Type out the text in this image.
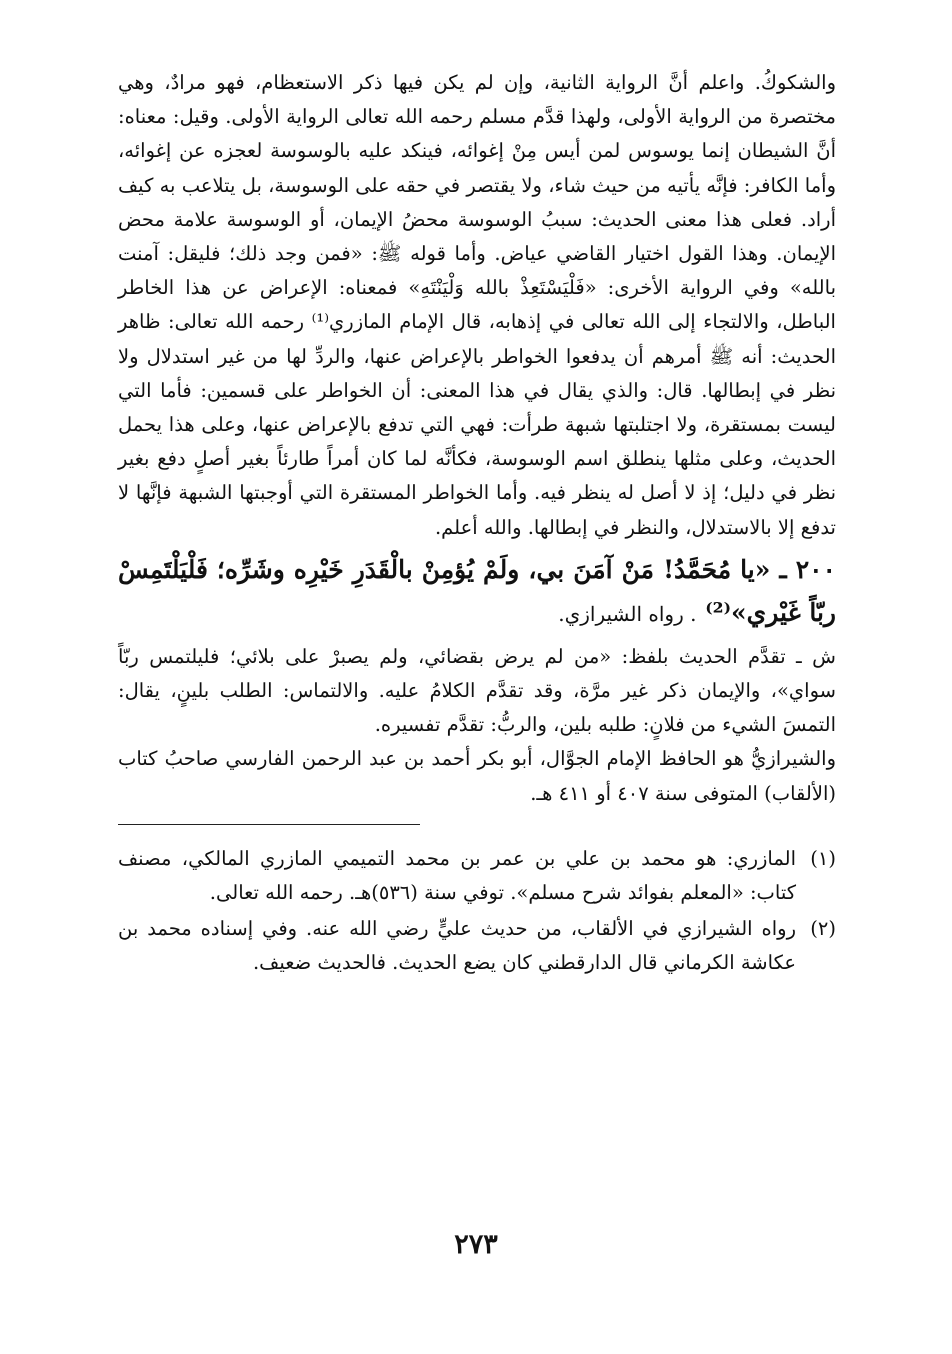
والشكوكُ. واعلم أنَّ الرواية الثانية، وإن لم يكن فيها ذكر الاستعظام، فهو مرادٌ، وهي مختصرة من الرواية الأولى، ولهذا قدَّم مسلم رحمه الله تعالى الرواية الأولى. وقيل: معناه: أنَّ الشيطان إنما يوسوس لمن أيس مِنْ إغوائه، فينكد عليه بالوسوسة لعجزه عن إغوائه، وأما الكافر: فإنَّه يأتيه من حيث شاء، ولا يقتصر في حقه على الوسوسة، بل يتلاعب به كيف أراد. فعلى هذا معنى الحديث: سببُ الوسوسة محضُ الإيمان، أو الوسوسة علامة محض الإيمان. وهذا القول اختيار القاضي عياض. وأما قوله ﷺ: «فمن وجد ذلك؛ فليقل: آمنت بالله» وفي الرواية الأخرى: «فَلْيَسْتَعِذْ بالله وَلْيَنْتَهِ» فمعناه: الإعراض عن هذا الخاطر الباطل، والالتجاء إلى الله تعالى في إذهابه، قال الإمام المازري⁽¹⁾ رحمه الله تعالى: ظاهر الحديث: أنه ﷺ أمرهم أن يدفعوا الخواطر بالإعراض عنها، والردِّ لها من غير استدلال ولا نظر في إبطالها. قال: والذي يقال في هذا المعنى: أن الخواطر على قسمين: فأما التي ليست بمستقرة، ولا اجتلبتها شبهة طرأت: فهي التي تدفع بالإعراض عنها، وعلى هذا يحمل الحديث، وعلى مثلها ينطلق اسم الوسوسة، فكأنَّه لما كان أمراً طارئاً بغير أصلٍ دفع بغير نظر في دليل؛ إذ لا أصل له ينظر فيه. وأما الخواطر المستقرة التي أوجبتها الشبهة فإنَّها لا تدفع إلا بالاستدلال، والنظر في إبطالها. والله أعلم.

٢٠٠ ـ «يا مُحَمَّدُ! مَنْ آمَنَ بي، ولَمْ يُؤمِنْ بالْقَدَرِ خَيْرِه وشَرِّه؛ فَلْيَلْتَمِسْ ربّاً غَيْري»⁽²⁾ . رواه الشيرازي.

ش ـ تقدَّم الحديث بلفظ: «من لم يرض بقضائي، ولم يصبرْ على بلائي؛ فليلتمس ربّاً سواي»، والإيمان ذكر غير مرَّة، وقد تقدَّم الكلامُ عليه. والالتماس: الطلب بلينٍ، يقال: التمسَ الشيء من فلانٍ: طلبه بلين، والربُّ: تقدَّم تفسيره.

والشيرازيُّ هو الحافظ الإمام الجوَّال، أبو بكر أحمد بن عبد الرحمن الفارسي صاحبُ كتاب (الألقاب) المتوفى سنة ٤٠٧ أو ٤١١ هـ.

(١)
المازري: هو محمد بن علي بن عمر بن محمد التميمي المازري المالكي، مصنف كتاب: «المعلم بفوائد شرح مسلم». توفي سنة (٥٣٦)هـ. رحمه الله تعالى.
(٢)
رواه الشيرازي في الألقاب، من حديث عليٍّ رضي الله عنه. وفي إسناده محمد بن عكاشة الكرماني قال الدارقطني كان يضع الحديث. فالحديث ضعيف.
٢٧٣
